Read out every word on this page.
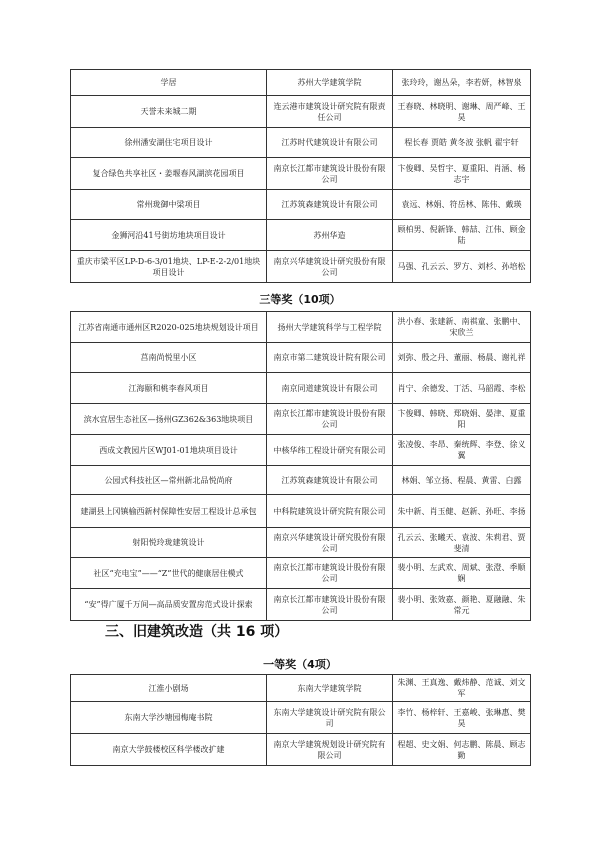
学居	苏州大学建筑学院	张玲玲，谢丛朵，李若妍，林智泉
天誉未来城二期	连云港市建筑设计研究院有限责任公司	王春晓、林晓明、谢琳、周严峰、王昊
徐州潘安湖住宅项目设计	江苏时代建筑设计有限公司	程长春 贾皓 黄冬波 张帆 翟宇轩
复合绿色共享社区・姜堰春风湖滨花园项目	南京长江都市建筑设计股份有限公司	卞俊卿、吴哲宇、夏重阳、肖涵、杨志宇
常州珑御中梁项目	江苏筑森建筑设计有限公司	袁远、林娟、符岳林、陈伟、戴瑛
金狮河沿41号街坊地块项目设计	苏州华造	顾柏男、倪新锋、韩喆、江伟、顾金陆
重庆市梁平区LP-D-6-3/01地块、LP-E-2-2/01地块项目设计	南京兴华建筑设计研究股份有限公司	马强、孔云云、罗方、刘杉、孙培松
三等奖（10项）
江苏省南通市通州区R2020-025地块规划设计项目	扬州大学建筑科学与工程学院	洪小春、张建新、南祺童、张鹏中、宋欣兰
莒南尚悦里小区	南京市第二建筑设计院有限公司	刘弥、殷之丹、董丽、杨晨、谢礼祥
江海颐和桃李春风项目	南京同道建筑设计有限公司	肖宁、余德发、丁活、马韶霞、李松
滨水宜居生态社区—扬州GZ362&363地块项目	南京长江都市建筑设计股份有限公司	卞俊卿、韩晓、郑晓娟、晏津、夏重阳
西成文教园片区WJ01-01地块项目设计	中核华纬工程设计研究有限公司	张凌俊、李昂、秦统辉、李登、徐义翼
公园式科技社区—常州新北品悦尚府	江苏筑森建筑设计有限公司	林娟、邹立扬、程晨、黄雷、白露
建湖县上冈镇榆西新村保障性安居工程设计总承包	中科院建筑设计研究院有限公司	朱中新、肖玉健、赵新、孙旺、李扬
射阳悦玲珑建筑设计	南京兴华建筑设计研究股份有限公司	孔云云、张曦天、袁波、朱莉君、贾斐清
社区“充电宝”——“Z”世代的健康居住模式	南京长江都市建筑设计股份有限公司	裴小明、左武欢、周斌、张澄、季顺娴
“安”得广厦千万间—高品质安置房范式设计探索	南京长江都市建筑设计股份有限公司	裴小明、张效嘉、颜艳、夏融融、朱常元
三、旧建筑改造（共 16 项）
一等奖（4项）
江淮小剧场	东南大学建筑学院	朱渊、王真逸、戴炜静、范诚、刘文军
东南大学沙塘园梅庵书院	东南大学建筑设计研究院有限公司	李竹、杨梓轩、王嘉峻、张琳惠、樊昊
南京大学鼓楼校区科学楼改扩建	南京大学建筑规划设计研究院有限公司	程超、史文娟、何志鹏、陈晨、顾志勤
